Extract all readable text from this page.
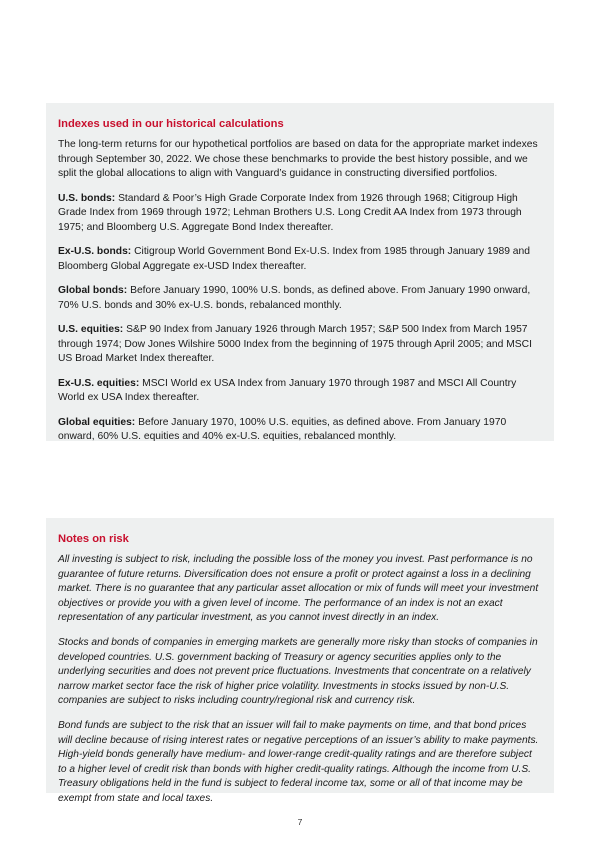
Indexes used in our historical calculations

The long-term returns for our hypothetical portfolios are based on data for the appropriate market indexes through September 30, 2022. We chose these benchmarks to provide the best history possible, and we split the global allocations to align with Vanguard’s guidance in constructing diversified portfolios.

U.S. bonds: Standard & Poor’s High Grade Corporate Index from 1926 through 1968; Citigroup High Grade Index from 1969 through 1972; Lehman Brothers U.S. Long Credit AA Index from 1973 through 1975; and Bloomberg U.S. Aggregate Bond Index thereafter.

Ex-U.S. bonds: Citigroup World Government Bond Ex-U.S. Index from 1985 through January 1989 and Bloomberg Global Aggregate ex-USD Index thereafter.

Global bonds: Before January 1990, 100% U.S. bonds, as defined above. From January 1990 onward, 70% U.S. bonds and 30% ex-U.S. bonds, rebalanced monthly.

U.S. equities: S&P 90 Index from January 1926 through March 1957; S&P 500 Index from March 1957 through 1974; Dow Jones Wilshire 5000 Index from the beginning of 1975 through April 2005; and MSCI US Broad Market Index thereafter.

Ex-U.S. equities: MSCI World ex USA Index from January 1970 through 1987 and MSCI All Country World ex USA Index thereafter.

Global equities: Before January 1970, 100% U.S. equities, as defined above. From January 1970 onward, 60% U.S. equities and 40% ex-U.S. equities, rebalanced monthly.

Notes on risk

All investing is subject to risk, including the possible loss of the money you invest. Past performance is no guarantee of future returns. Diversification does not ensure a profit or protect against a loss in a declining market. There is no guarantee that any particular asset allocation or mix of funds will meet your investment objectives or provide you with a given level of income. The performance of an index is not an exact representation of any particular investment, as you cannot invest directly in an index.

Stocks and bonds of companies in emerging markets are generally more risky than stocks of companies in developed countries. U.S. government backing of Treasury or agency securities applies only to the underlying securities and does not prevent price fluctuations. Investments that concentrate on a relatively narrow market sector face the risk of higher price volatility. Investments in stocks issued by non-U.S. companies are subject to risks including country/regional risk and currency risk.

Bond funds are subject to the risk that an issuer will fail to make payments on time, and that bond prices will decline because of rising interest rates or negative perceptions of an issuer’s ability to make payments. High-yield bonds generally have medium- and lower-range credit-quality ratings and are therefore subject to a higher level of credit risk than bonds with higher credit-quality ratings. Although the income from U.S. Treasury obligations held in the fund is subject to federal income tax, some or all of that income may be exempt from state and local taxes.

7
